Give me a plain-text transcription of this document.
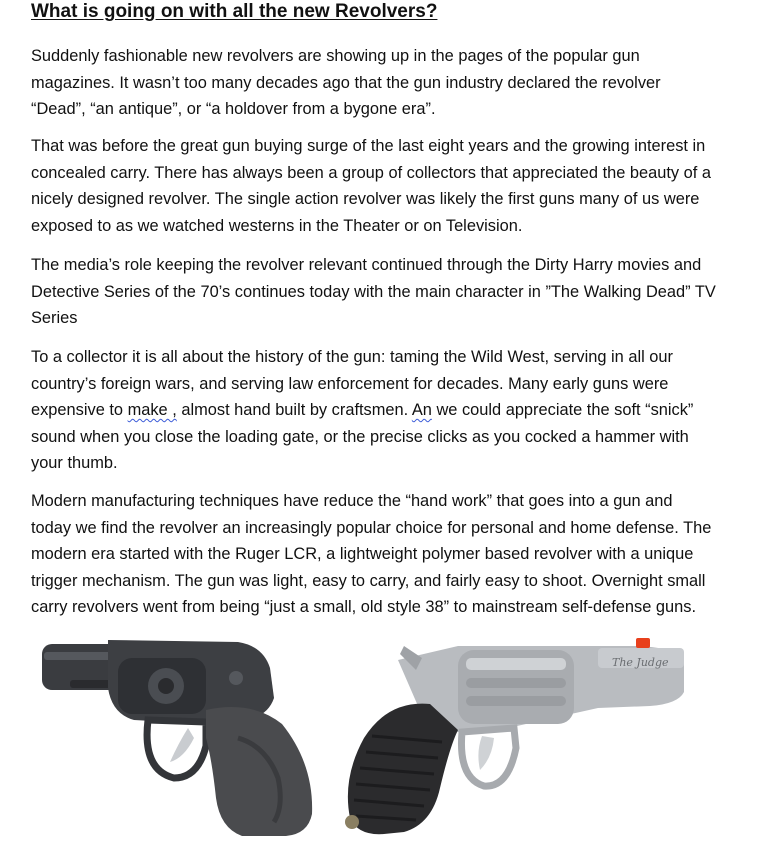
What is going on with all the new Revolvers?
Suddenly fashionable new revolvers are showing up in the pages of the popular gun
magazines. It wasn’t too many decades ago that the gun industry declared the revolver
“Dead”, “an antique”, or “a holdover from a bygone era”.
That was before the great gun buying surge of the last eight years and the growing interest in
concealed carry. There has always been a group of collectors that appreciated the beauty of a
nicely designed revolver. The single action revolver was likely the first guns many of us were
exposed to as we watched westerns in the Theater or on Television.
The media’s role keeping the revolver relevant continued through the Dirty Harry movies and
Detective Series of the 70’s continues today with the main character in ”The Walking Dead” TV
Series
To a collector it is all about the history of the gun: taming the Wild West, serving in all our
country’s foreign wars, and serving law enforcement for decades. Many early guns were
expensive to make , almost hand built by craftsmen. An we could appreciate the soft “snick”
sound when you close the loading gate, or the precise clicks as you cocked a hammer with
your thumb.
Modern manufacturing techniques have reduce the “hand work” that goes into a gun and
today we find the revolver an increasingly popular choice for personal and home defense. The
modern era started with the Ruger LCR, a lightweight polymer based revolver with a unique
trigger mechanism. The gun was light, easy to carry, and fairly easy to shoot. Overnight small
carry revolvers went from being “just a small, old style 38” to mainstream self-defense guns.
The Judge
